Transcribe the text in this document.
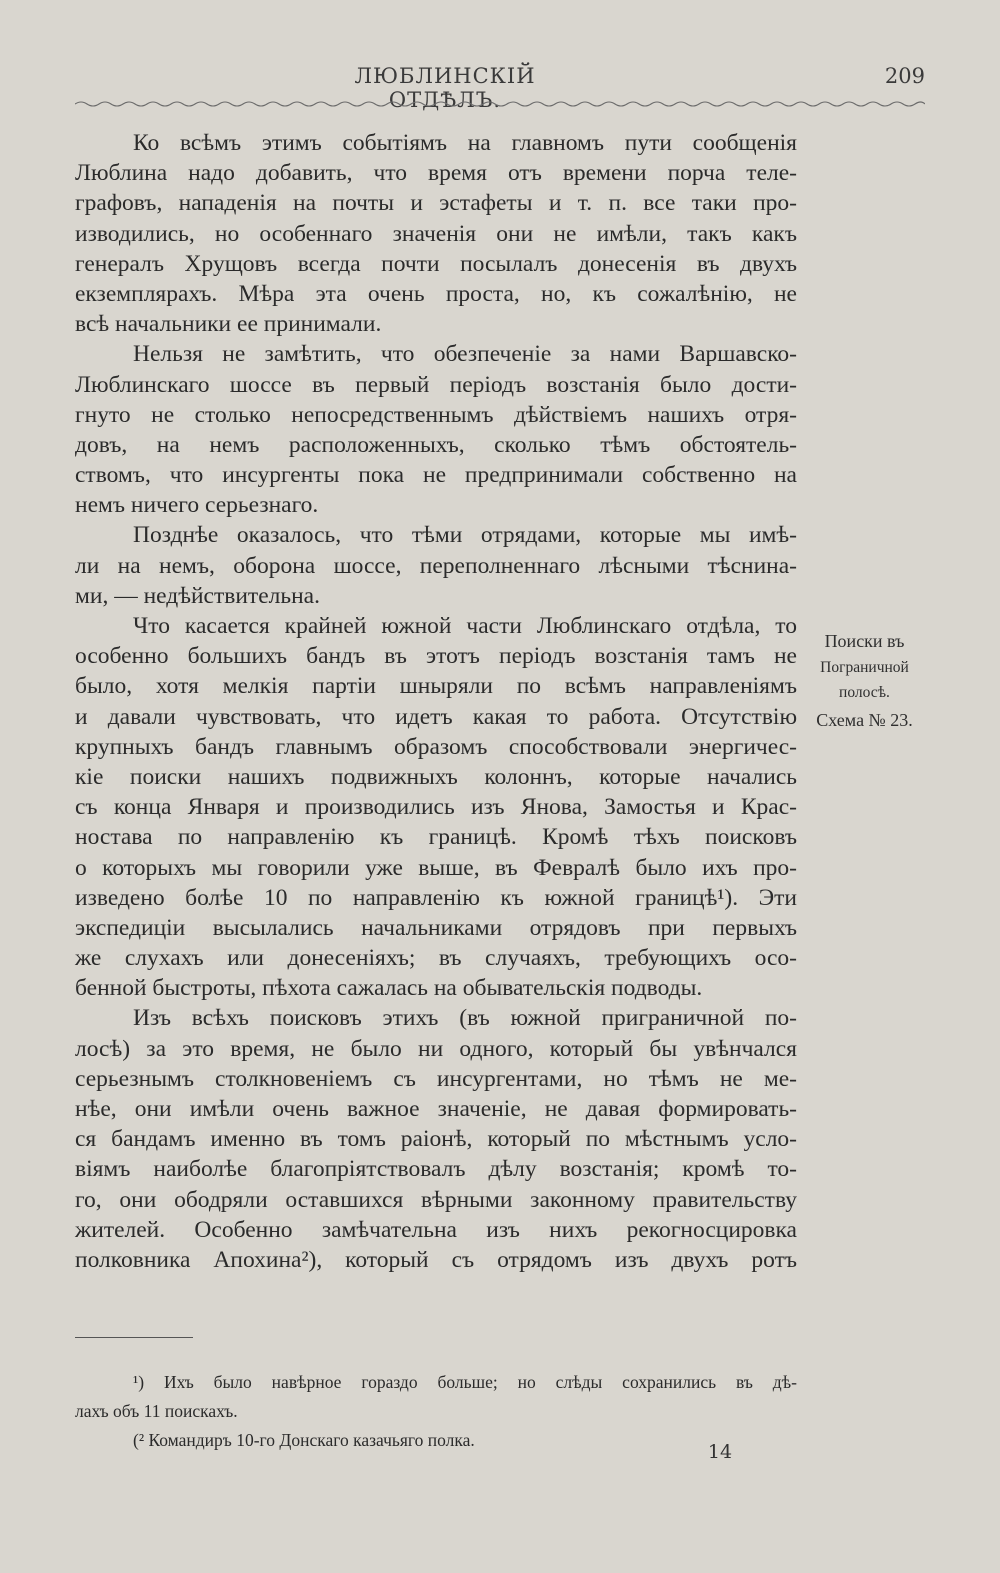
ЛЮБЛИНСКІЙ ОТДѢЛЪ.
209
Ко всѣмъ этимъ событіямъ на главномъ пути сообщенія
Люблина надо добавить, что время отъ времени порча теле-
графовъ, нападенія на почты и эстафеты и т. п. все таки про-
изводились, но особеннаго значенія они не имѣли, такъ какъ
генералъ Хрущовъ всегда почти посылалъ донесенія въ двухъ
екземплярахъ. Мѣра эта очень проста, но, къ сожалѣнію, не
всѣ начальники ее принимали.
Нельзя не замѣтить, что обезпеченіе за нами Варшавско-
Люблинскаго шоссе въ первый періодъ возстанія было дости-
гнуто не столько непосредственнымъ дѣйствіемъ нашихъ отря-
довъ, на немъ расположенныхъ, сколько тѣмъ обстоятель-
ствомъ, что инсургенты пока не предпринимали собственно на
немъ ничего серьезнаго.
Позднѣе оказалось, что тѣми отрядами, которые мы имѣ-
ли на немъ, оборона шоссе, переполненнаго лѣсными тѣснина-
ми, — недѣйствительна.
Что касается крайней южной части Люблинскаго отдѣла, то
особенно большихъ бандъ въ этотъ періодъ возстанія тамъ не
было, хотя мелкія партіи шныряли по всѣмъ направленіямъ
и давали чувствовать, что идетъ какая то работа. Отсутствію
крупныхъ бандъ главнымъ образомъ способствовали энергичес-
кіе поиски нашихъ подвижныхъ колоннъ, которые начались
съ конца Января и производились изъ Янова, Замостья и Крас-
ностава по направленію къ границѣ. Кромѣ тѣхъ поисковъ
о которыхъ мы говорили уже выше, въ Февралѣ было ихъ про-
изведено болѣе 10 по направленію къ южной границѣ¹). Эти
экспедиціи высылались начальниками отрядовъ при первыхъ
же слухахъ или донесеніяхъ; въ случаяхъ, требующихъ осо-
бенной быстроты, пѣхота сажалась на обывательскія подводы.
Изъ всѣхъ поисковъ этихъ (въ южной приграничной по-
лосѣ) за это время, не было ни одного, который бы увѣнчался
серьезнымъ столкновеніемъ съ инсургентами, но тѣмъ не ме-
нѣе, они имѣли очень важное значеніе, не давая формировать-
ся бандамъ именно въ томъ раіонѣ, который по мѣстнымъ усло-
віямъ наиболѣе благопріятствовалъ дѣлу возстанія; кромѣ то-
го, они ободряли оставшихся вѣрными законному правительству
жителей. Особенно замѣчательна изъ нихъ рекогносцировка
полковника Апохина²), который съ отрядомъ изъ двухъ ротъ
Поиски въ
Пограничной
полосѣ.
Схема № 23.
¹) Ихъ было навѣрное гораздо больше; но слѣды сохранились въ дѣ-
лахъ объ 11 поискахъ.
(² Командиръ 10-го Донскаго казачьяго полка.
14
